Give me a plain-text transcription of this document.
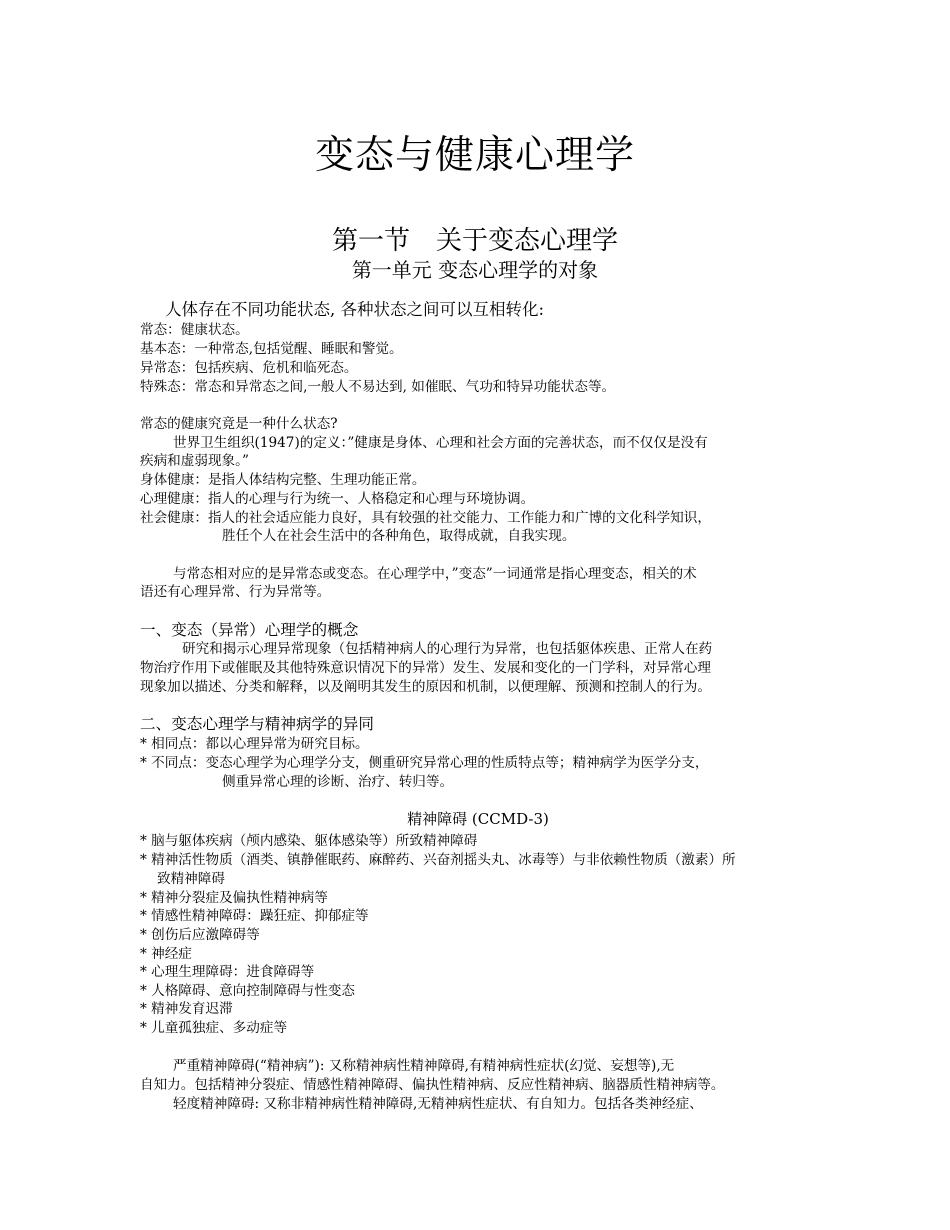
变态与健康心理学
第一节　关于变态心理学
第一单元 变态心理学的对象
人体存在不同功能状态, 各种状态之间可以互相转化:
常态：健康状态。
基本态：一种常态,包括觉醒、睡眠和警觉。
异常态：包括疾病、危机和临死态。
特殊态：常态和异常态之间,一般人不易达到, 如催眠、气功和特异功能状态等。
常态的健康究竟是一种什么状态?
世界卫生组织(1947)的定义：”健康是身体、心理和社会方面的完善状态，而不仅仅是没有
疾病和虚弱现象。”
身体健康：是指人体结构完整、生理功能正常。
心理健康：指人的心理与行为统一、人格稳定和心理与环境协调。
社会健康：指人的社会适应能力良好，具有较强的社交能力、工作能力和广博的文化科学知识，
胜任个人在社会生活中的各种角色，取得成就，自我实现。
与常态相对应的是异常态或变态。在心理学中，”变态”一词通常是指心理变态，相关的术
语还有心理异常、行为异常等。
一、变态（异常）心理学的概念
研究和揭示心理异常现象（包括精神病人的心理行为异常，也包括躯体疾患、正常人在药
物治疗作用下或催眠及其他特殊意识情况下的异常）发生、发展和变化的一门学科，对异常心理
现象加以描述、分类和解释，以及阐明其发生的原因和机制，以便理解、预测和控制人的行为。
二、变态心理学与精神病学的异同
* 相同点：都以心理异常为研究目标。
* 不同点：变态心理学为心理学分支，侧重研究异常心理的性质特点等；精神病学为医学分支，
侧重异常心理的诊断、治疗、转归等。
精神障碍 (CCMD-3)
* 脑与躯体疾病（颅内感染、躯体感染等）所致精神障碍
* 精神活性物质（酒类、镇静催眠药、麻醉药、兴奋剂摇头丸、冰毒等）与非依赖性物质（激素）所
致精神障碍
* 精神分裂症及偏执性精神病等
* 情感性精神障碍：躁狂症、抑郁症等
* 创伤后应激障碍等
* 神经症
* 心理生理障碍：进食障碍等
* 人格障碍、意向控制障碍与性变态
* 精神发育迟滞
* 儿童孤独症、多动症等
严重精神障碍(“精神病”): 又称精神病性精神障碍,有精神病性症状(幻觉、妄想等),无
自知力。包括精神分裂症、情感性精神障碍、偏执性精神病、反应性精神病、脑器质性精神病等。
轻度精神障碍: 又称非精神病性精神障碍,无精神病性症状、有自知力。包括各类神经症、
